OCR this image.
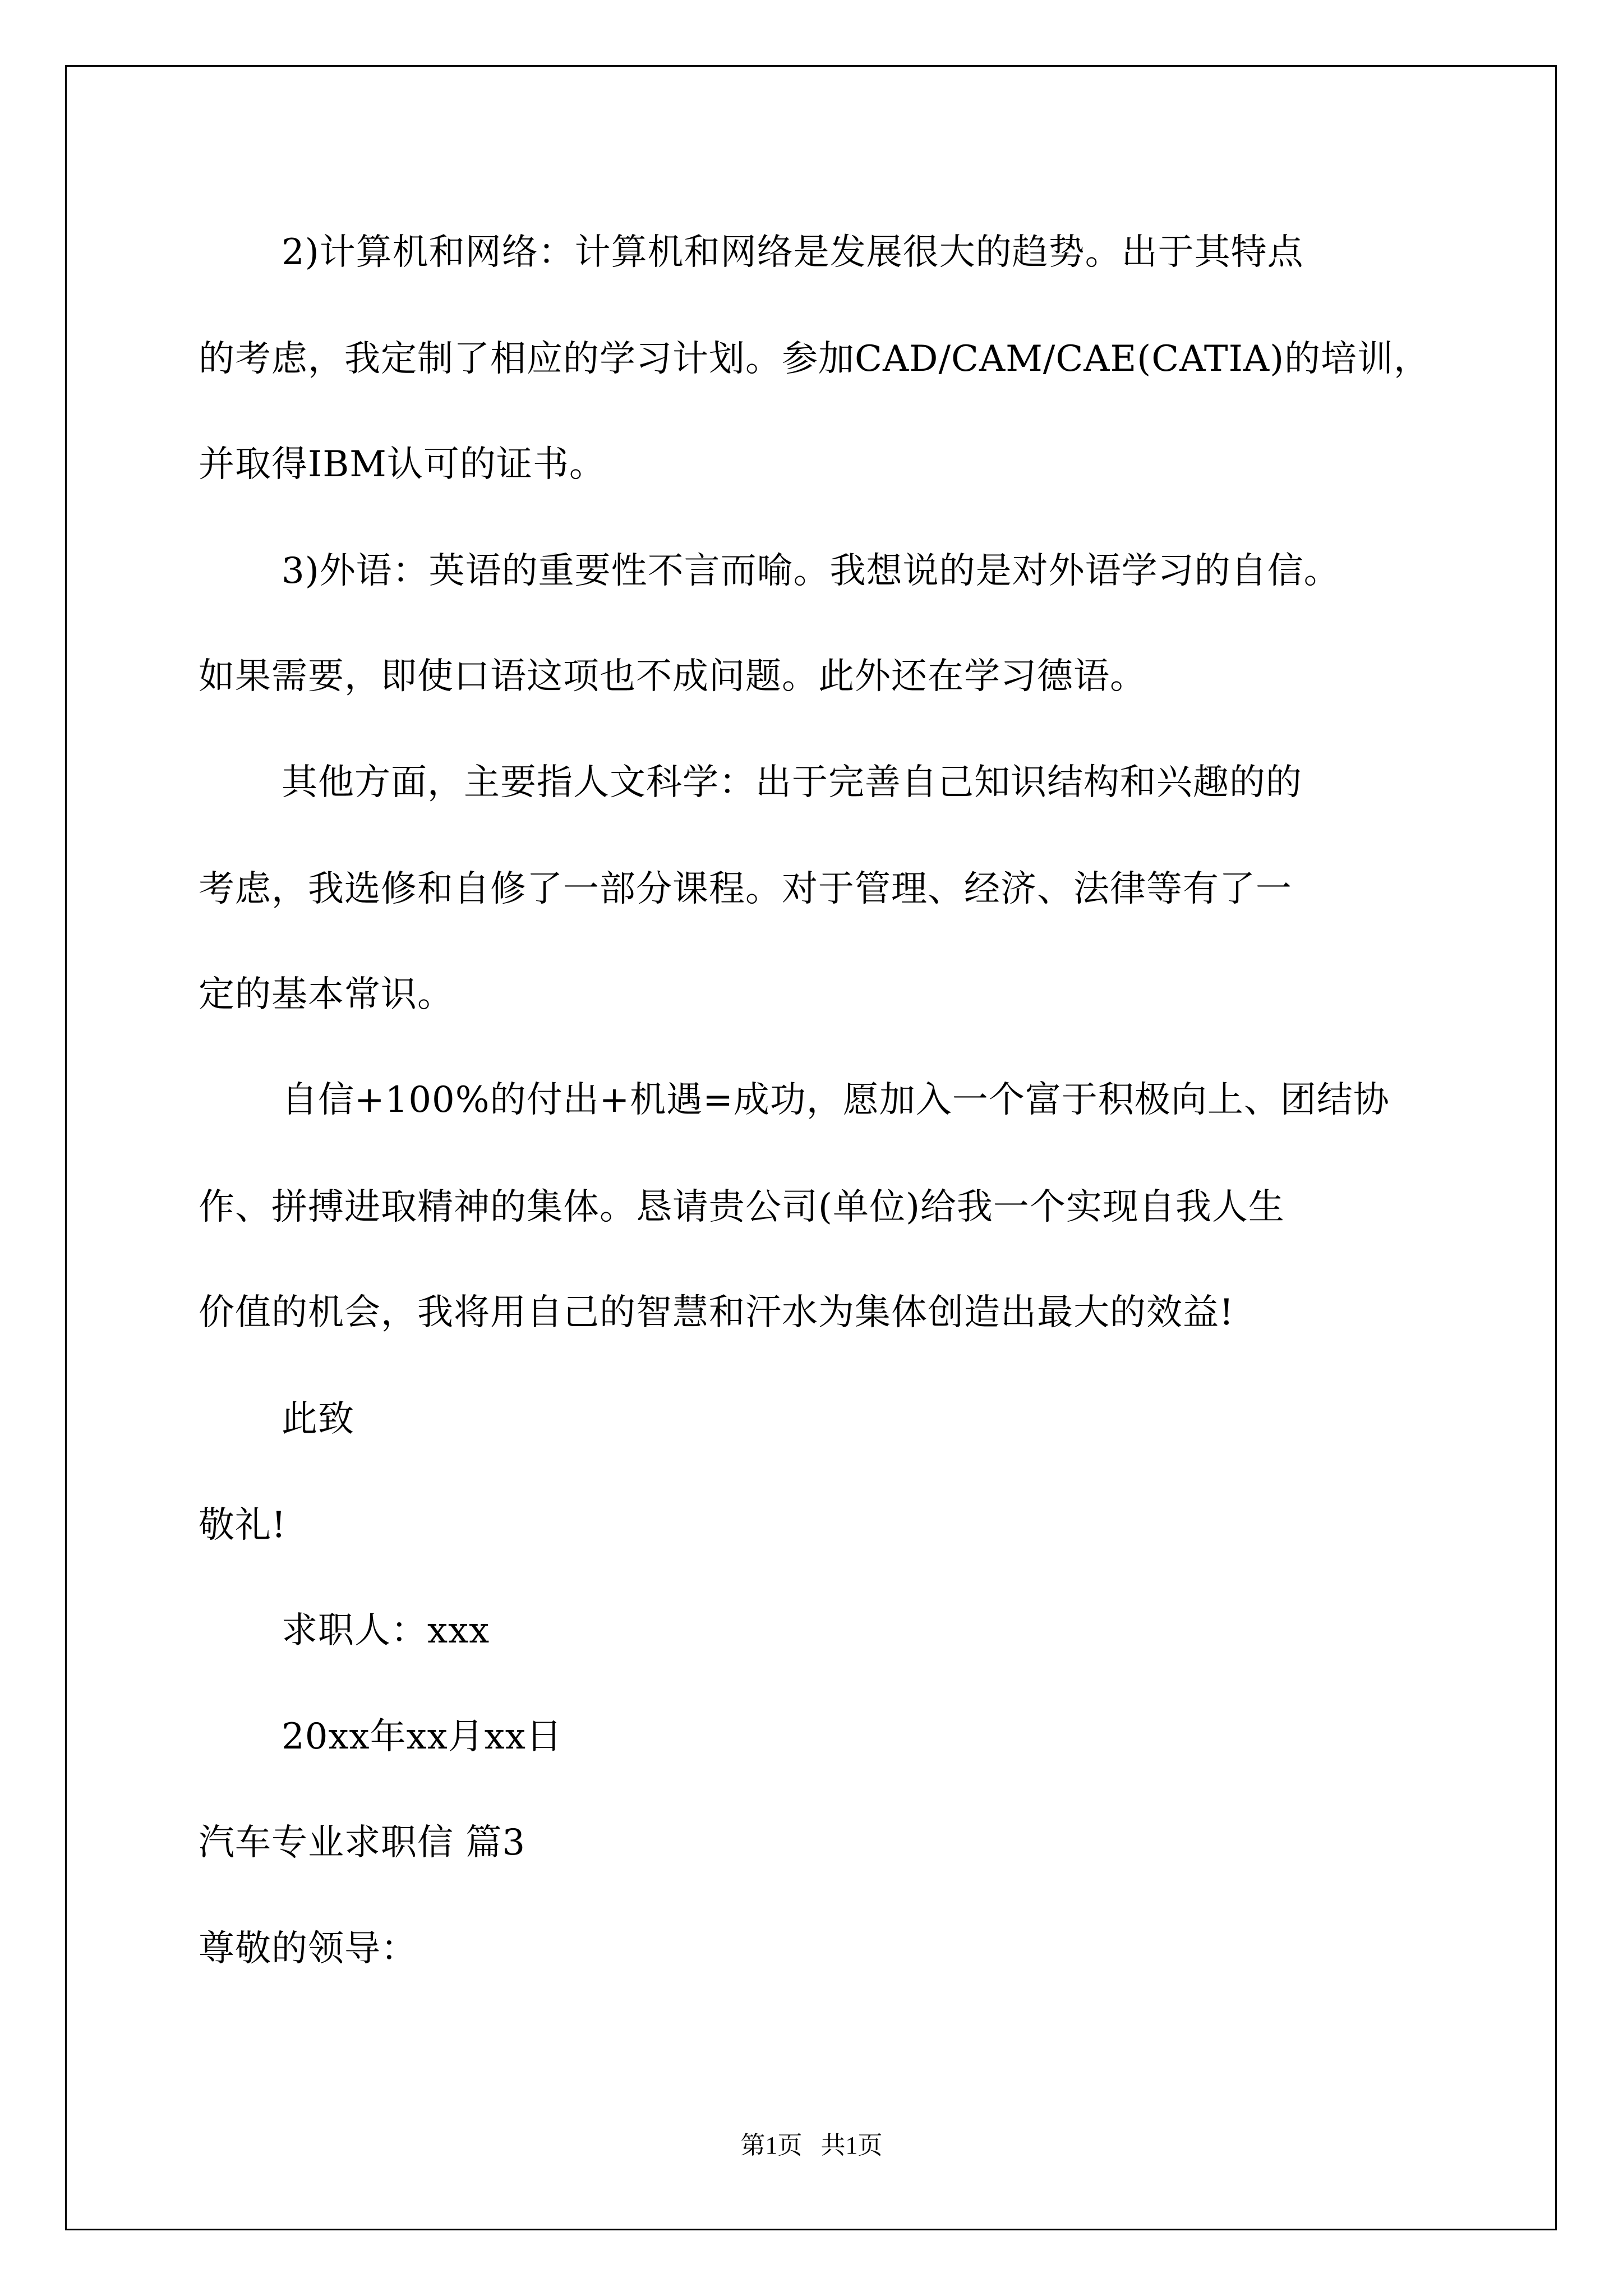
2)计算机和网络：计算机和网络是发展很大的趋势。出于其特点
的考虑，我定制了相应的学习计划。参加CAD/CAM/CAE(CATIA)的培训，
并取得IBM认可的证书。
3)外语：英语的重要性不言而喻。我想说的是对外语学习的自信。
如果需要，即使口语这项也不成问题。此外还在学习德语。
其他方面，主要指人文科学：出于完善自己知识结构和兴趣的的
考虑，我选修和自修了一部分课程。对于管理、经济、法律等有了一
定的基本常识。
自信+100%的付出+机遇=成功，愿加入一个富于积极向上、团结协
作、拼搏进取精神的集体。恳请贵公司(单位)给我一个实现自我人生
价值的机会，我将用自己的智慧和汗水为集体创造出最大的效益!
此致
敬礼!
求职人：xxx
20xx年xx月xx日
汽车专业求职信 篇3
尊敬的领导：
第1页   共1页
